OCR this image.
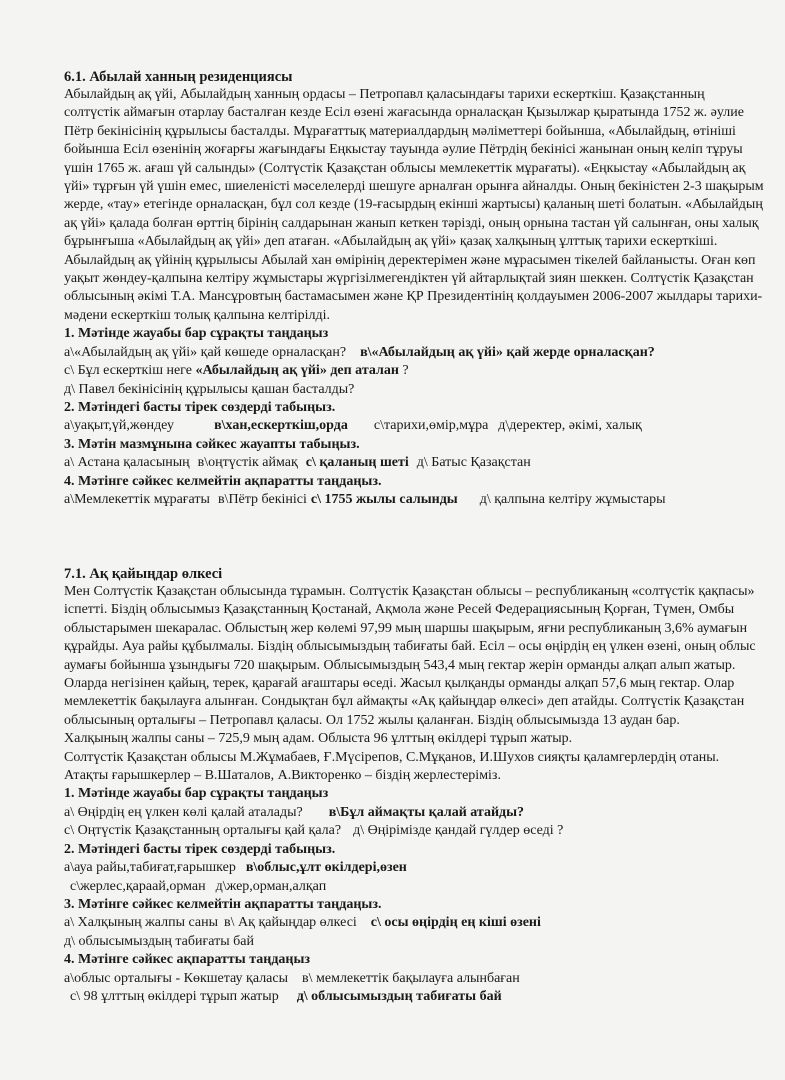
6.1. Абылай ханның резиденциясы

Абылайдың ақ үйі, Абылайдың ханның ордасы – Петропавл қаласындағы тарихи ескерткіш. Қазақстанның солтүстік аймағын отарлау басталған кезде Есіл өзені жағасында орналасқан Қызылжар қыратында 1752 ж. әулие Пётр бекінісінің құрылысы басталды. Мұрағаттық материалдардың мәліметтері бойынша, «Абылайдың, өтініші бойынша Есіл өзенінің жоғарғы жағындағы Еңкыстау тауында әулие Пётрдің бекінісі жанынан оның келіп тұруы үшін 1765 ж. ағаш үй салынды» (Солтүстік Қазақстан облысы мемлекеттік мұрағаты). «Еңкыстау «Абылайдың ақ үйі» тұрғын үй үшін емес, шиеленісті мәселелерді шешуге арналған орынға айналды. Оның бекіністен 2-3 шақырым жерде, «тау» етегінде орналасқан, бұл сол кезде (19-ғасырдың екінші жартысы) қаланың шеті болатын. «Абылайдың ақ үйі» қалада болған өрттің бірінің салдарынан жанып кеткен тәрізді, оның орнына тастан үй салынған, оны халық бұрынғыша «Абылайдың ақ үйі» деп атаған. «Абылайдың ақ үйі» қазақ халқының ұлттық тарихи ескерткіші. Абылайдың ақ үйінің құрылысы Абылай хан өмірінің деректерімен және мұрасымен тікелей байланысты. Оған көп уақыт жөндеу-қалпына келтіру жұмыстары жүргізілмегендіктен үй айтарлықтай зиян шеккен. Солтүстік Қазақстан облысының әкімі Т.А. Мансұровтың бастамасымен және ҚР Президентінің қолдауымен 2006-2007 жылдары тарихи-мәдени ескерткіш толық қалпына келтірілді.

1. Мәтінде жауабы бар сұрақты таңдаңыз

а\«Абылайдың ақ үйі» қай көшеде орналасқан? в\«Абылайдың ақ үйі» қай жерде орналасқан?

с\ Бұл ескерткіш неге «Абылайдың ақ үйі» деп аталан ?

д\ Павел бекінісінің құрылысы қашан басталды?

2. Мәтіндегі басты тірек сөздерді табыңыз.

а\уақыт,үй,жөндеу	в\хан,ескерткіш,орда с\тарихи,өмір,мұра д\деректер, әкімі, халық

3. Мәтін мазмұнына сәйкес жауапты табыңыз.

а\ Астана қаласының в\оңтүстік аймақ с\ қаланың шеті д\ Батыс Қазақстан

4. Мәтінге сәйкес келмейтін ақпаратты таңдаңыз.

а\Мемлекеттік мұрағаты в\Пётр бекінісі с\ 1755 жылы салынды д\ қалпына келтіру жұмыстары

7.1. Ақ қайыңдар өлкесі

Мен Солтүстік Қазақстан облысында тұрамын. Солтүстік Қазақстан облысы – республиканың «солтүстік қақпасы» іспетті. Біздің облысымыз Қазақстанның Қостанай, Ақмола және Ресей Федерациясының Қорған, Түмен, Омбы облыстарымен шекаралас. Облыстың жер көлемі 97,99 мың шаршы шақырым, яғни республиканың 3,6% аумағын құрайды. Ауа райы құбылмалы. Біздің облысымыздың табиғаты бай. Есіл – осы өңірдің ең үлкен өзені, оның облыс аумағы бойынша ұзындығы 720 шақырым. Облысымыздың 543,4 мың гектар жерін орманды алқап алып жатыр. Оларда негізінен қайың, терек, қарағай ағаштары өседі. Жасыл қылқанды орманды алқап 57,6 мың гектар. Олар мемлекеттік бақылауға алынған. Сондықтан бұл аймақты «Ақ қайыңдар өлкесі» деп атайды. Солтүстік Қазақстан облысының орталығы – Петропавл қаласы. Ол 1752 жылы қаланған. Біздің облысымызда 13 аудан бар.

Халқының жалпы саны – 725,9 мың адам. Облыста 96 ұлттың өкілдері тұрып жатыр.

Солтүстік Қазақстан облысы М.Жұмабаев, Ғ.Мүсірепов, С.Мұқанов, И.Шухов сияқты қаламгерлердің отаны. Атақты ғарышкерлер – В.Шаталов, А.Викторенко – біздің жерлестеріміз.

1. Мәтінде жауабы бар сұрақты таңдаңыз

а\ Өңірдің ең үлкен көлі қалай аталады? в\Бұл аймақты қалай атайды?

с\ Оңтүстік Қазақстанның орталығы қай қала? д\ Өңірімізде қандай гүлдер өседі ?

2. Мәтіндегі басты тірек сөздерді табыңыз.

а\ауа райы,табиғат,ғарышкер в\облыс,ұлт өкілдері,өзен

с\жерлес,қараай,орман д\жер,орман,алқап

3. Мәтінге сәйкес келмейтін ақпаратты таңдаңыз.

а\ Халқының жалпы саны в\ Ақ қайыңдар өлкесі с\ осы өңірдің ең кіші өзені

д\ облысымыздың табиғаты бай

4. Мәтінге сәйкес ақпаратты таңдаңыз

а\облыс орталығы - Көкшетау қаласы в\ мемлекеттік бақылауға алынбаған

с\ 98 ұлттың өкілдері тұрып жатыр д\ облысымыздың табиғаты бай
